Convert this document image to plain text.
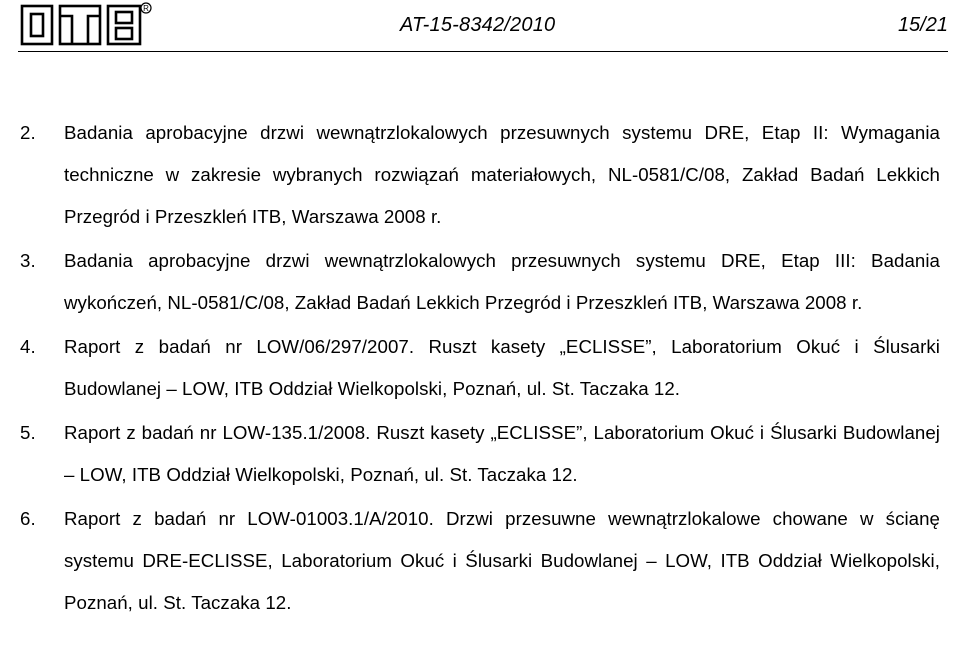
R
AT-15-8342/2010	15/21
2. Badania aprobacyjne drzwi wewnątrzlokalowych przesuwnych systemu DRE, Etap II: Wymagania techniczne w zakresie wybranych rozwiązań materiałowych, NL-0581/C/08, Zakład Badań Lekkich Przegród i Przeszkleń ITB, Warszawa 2008 r.
3. Badania aprobacyjne drzwi wewnątrzlokalowych przesuwnych systemu DRE, Etap III: Badania wykończeń, NL-0581/C/08, Zakład Badań Lekkich Przegród i Przeszkleń ITB, Warszawa 2008 r.
4. Raport z badań nr LOW/06/297/2007. Ruszt kasety „ECLISSE”, Laboratorium Okuć i Ślusarki Budowlanej – LOW, ITB Oddział Wielkopolski, Poznań, ul. St. Taczaka 12.
5. Raport z badań nr LOW-135.1/2008. Ruszt kasety „ECLISSE”, Laboratorium Okuć i Ślusarki Budowlanej – LOW, ITB Oddział Wielkopolski, Poznań, ul. St. Taczaka 12.
6. Raport z badań nr LOW-01003.1/A/2010. Drzwi przesuwne wewnątrzlokalowe chowane w ścianę systemu DRE-ECLISSE, Laboratorium Okuć i Ślusarki Budowlanej – LOW, ITB Oddział Wielkopolski, Poznań, ul. St. Taczaka 12.
